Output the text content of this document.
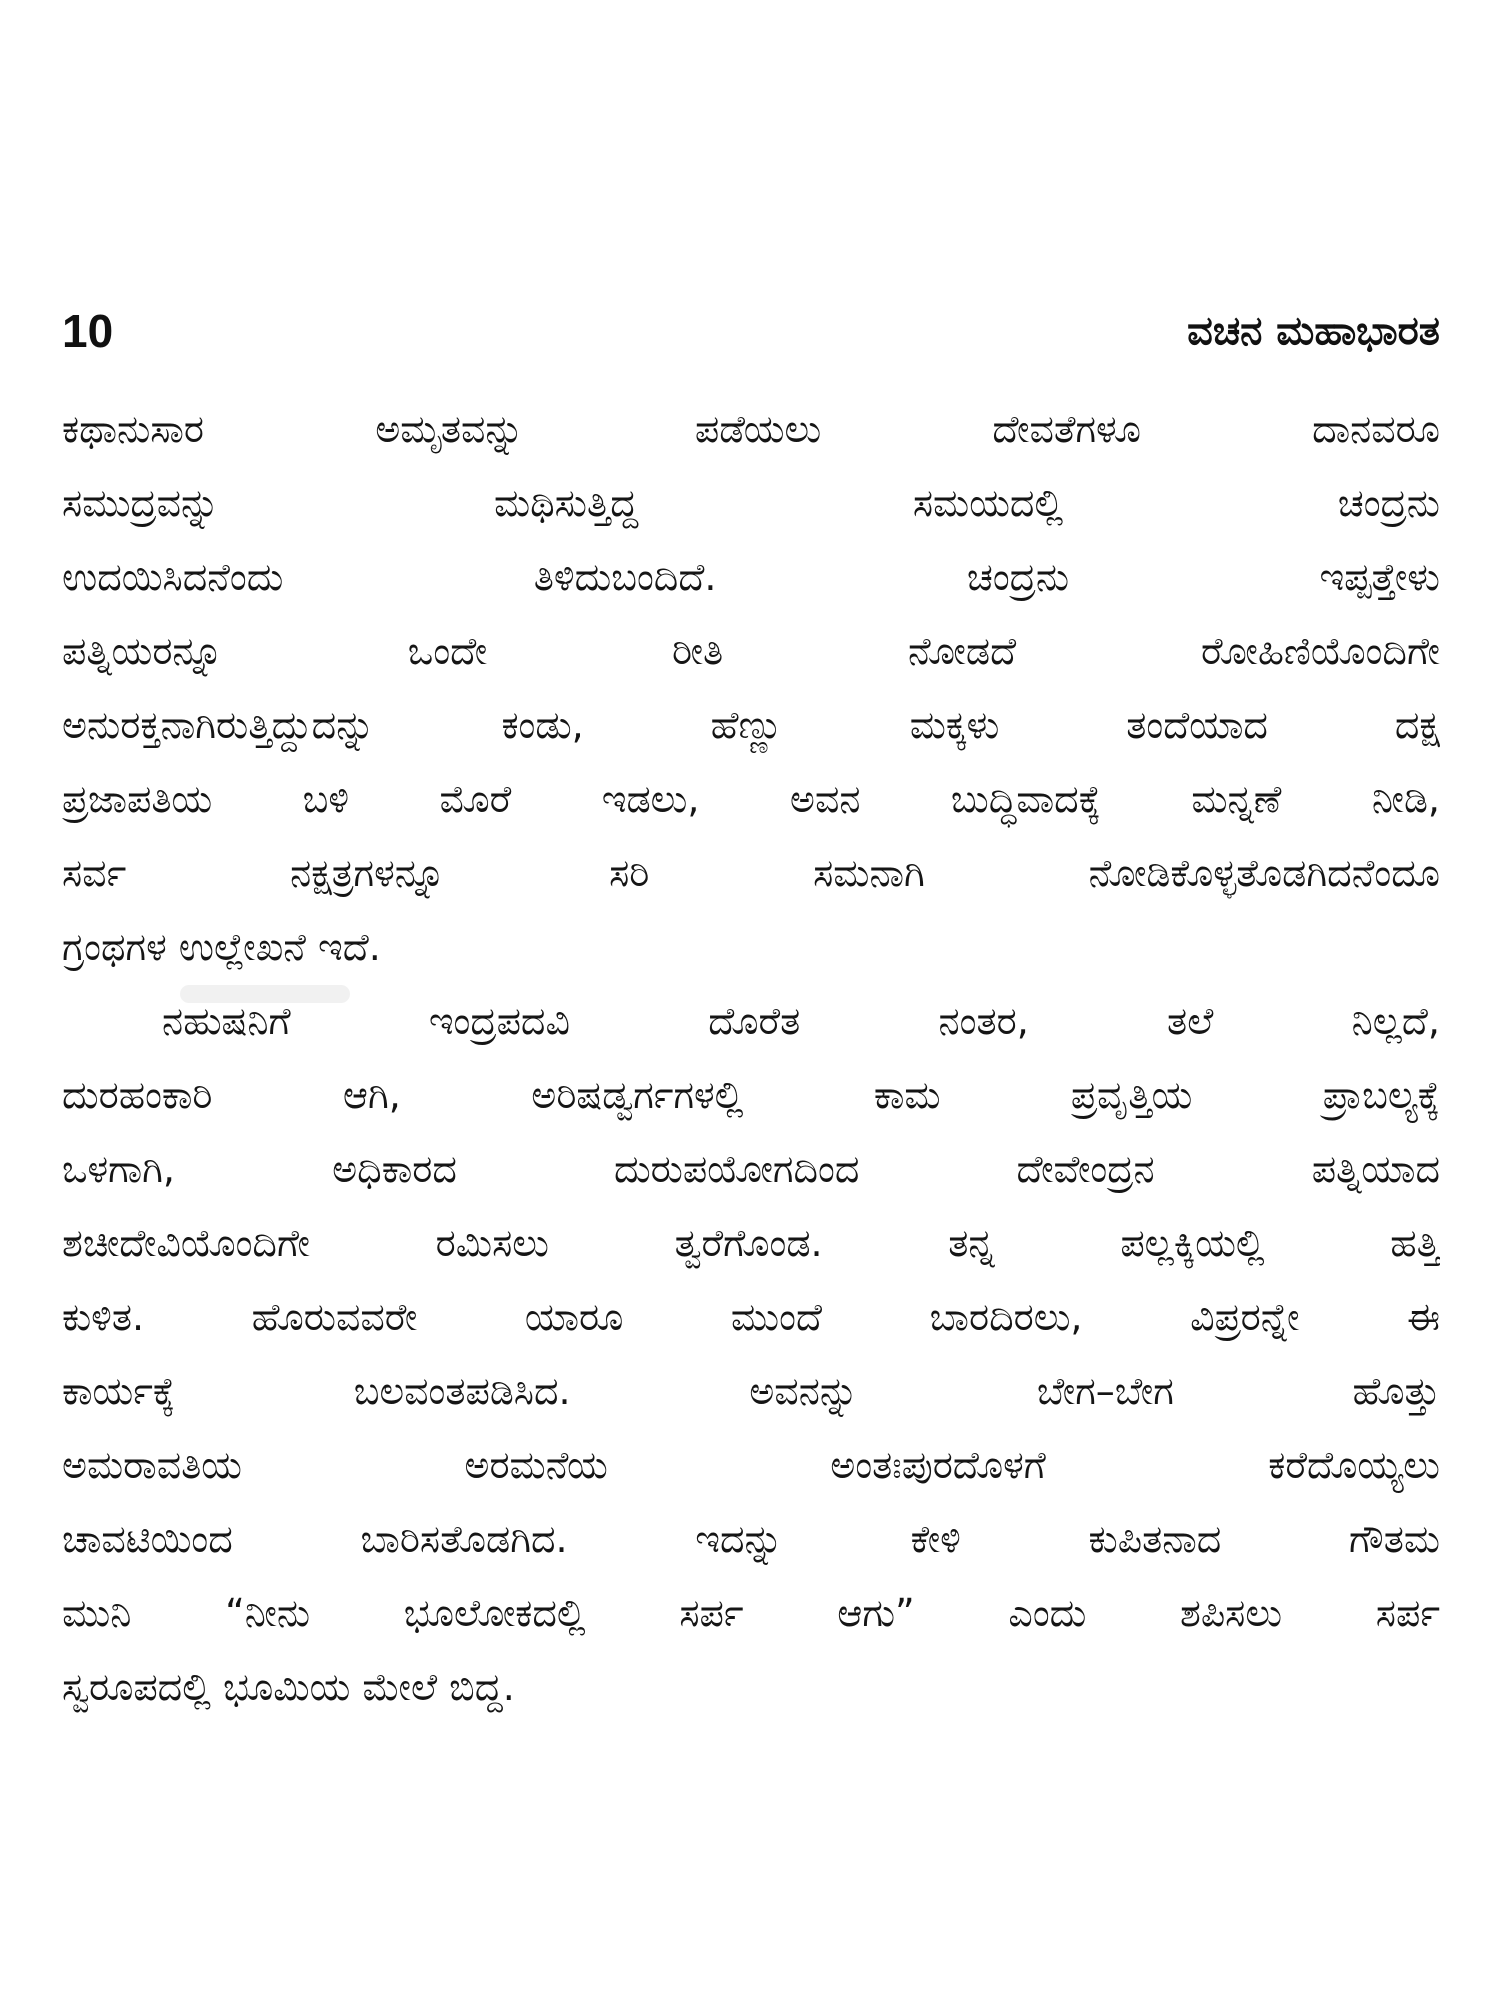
10	ವಚನ ಮಹಾಭಾರತ
ಕಥಾನುಸಾರ ಅಮೃತವನ್ನು ಪಡೆಯಲು ದೇವತೆಗಳೂ ದಾನವರೂ
ಸಮುದ್ರವನ್ನು ಮಥಿಸುತ್ತಿದ್ದ ಸಮಯದಲ್ಲಿ ಚಂದ್ರನು
ಉದಯಿಸಿದನೆಂದು ತಿಳಿದುಬಂದಿದೆ. ಚಂದ್ರನು ಇಪ್ಪತ್ತೇಳು
ಪತ್ನಿಯರನ್ನೂ ಒಂದೇ ರೀತಿ ನೋಡದೆ ರೋಹಿಣಿಯೊಂದಿಗೇ
ಅನುರಕ್ತನಾಗಿರುತ್ತಿದ್ದುದನ್ನು ಕಂಡು, ಹೆಣ್ಣು ಮಕ್ಕಳು ತಂದೆಯಾದ ದಕ್ಷ
ಪ್ರಜಾಪತಿಯ ಬಳಿ ಮೊರೆ ಇಡಲು, ಅವನ ಬುದ್ಧಿವಾದಕ್ಕೆ ಮನ್ನಣೆ ನೀಡಿ,
ಸರ್ವ ನಕ್ಷತ್ರಗಳನ್ನೂ ಸರಿ ಸಮನಾಗಿ ನೋಡಿಕೊಳ್ಳತೊಡಗಿದನೆಂದೂ
ಗ್ರಂಥಗಳ ಉಲ್ಲೇಖನೆ ಇದೆ.
ನಹುಷನಿಗೆ ಇಂದ್ರಪದವಿ ದೊರೆತ ನಂತರ, ತಲೆ ನಿಲ್ಲದೆ,
ದುರಹಂಕಾರಿ ಆಗಿ, ಅರಿಷಡ್ವರ್ಗಗಳಲ್ಲಿ ಕಾಮ ಪ್ರವೃತ್ತಿಯ ಪ್ರಾಬಲ್ಯಕ್ಕೆ
ಒಳಗಾಗಿ, ಅಧಿಕಾರದ ದುರುಪಯೋಗದಿಂದ ದೇವೇಂದ್ರನ ಪತ್ನಿಯಾದ
ಶಚೀದೇವಿಯೊಂದಿಗೇ ರಮಿಸಲು ತ್ವರೆಗೊಂಡ. ತನ್ನ ಪಲ್ಲಕ್ಕಿಯಲ್ಲಿ ಹತ್ತಿ
ಕುಳಿತ. ಹೊರುವವರೇ ಯಾರೂ ಮುಂದೆ ಬಾರದಿರಲು, ವಿಪ್ರರನ್ನೇ ಈ
ಕಾರ್ಯಕ್ಕೆ ಬಲವಂತಪಡಿಸಿದ. ಅವನನ್ನು ಬೇಗ–ಬೇಗ ಹೊತ್ತು
ಅಮರಾವತಿಯ ಅರಮನೆಯ ಅಂತಃಪುರದೊಳಗೆ ಕರೆದೊಯ್ಯಲು
ಚಾವಟಿಯಿಂದ ಬಾರಿಸತೊಡಗಿದ. ಇದನ್ನು ಕೇಳಿ ಕುಪಿತನಾದ ಗೌತಮ
ಮುನಿ “ನೀನು ಭೂಲೋಕದಲ್ಲಿ ಸರ್ಪ ಆಗು” ಎಂದು ಶಪಿಸಲು ಸರ್ಪ
ಸ್ವರೂಪದಲ್ಲಿ ಭೂಮಿಯ ಮೇಲೆ ಬಿದ್ದ.
